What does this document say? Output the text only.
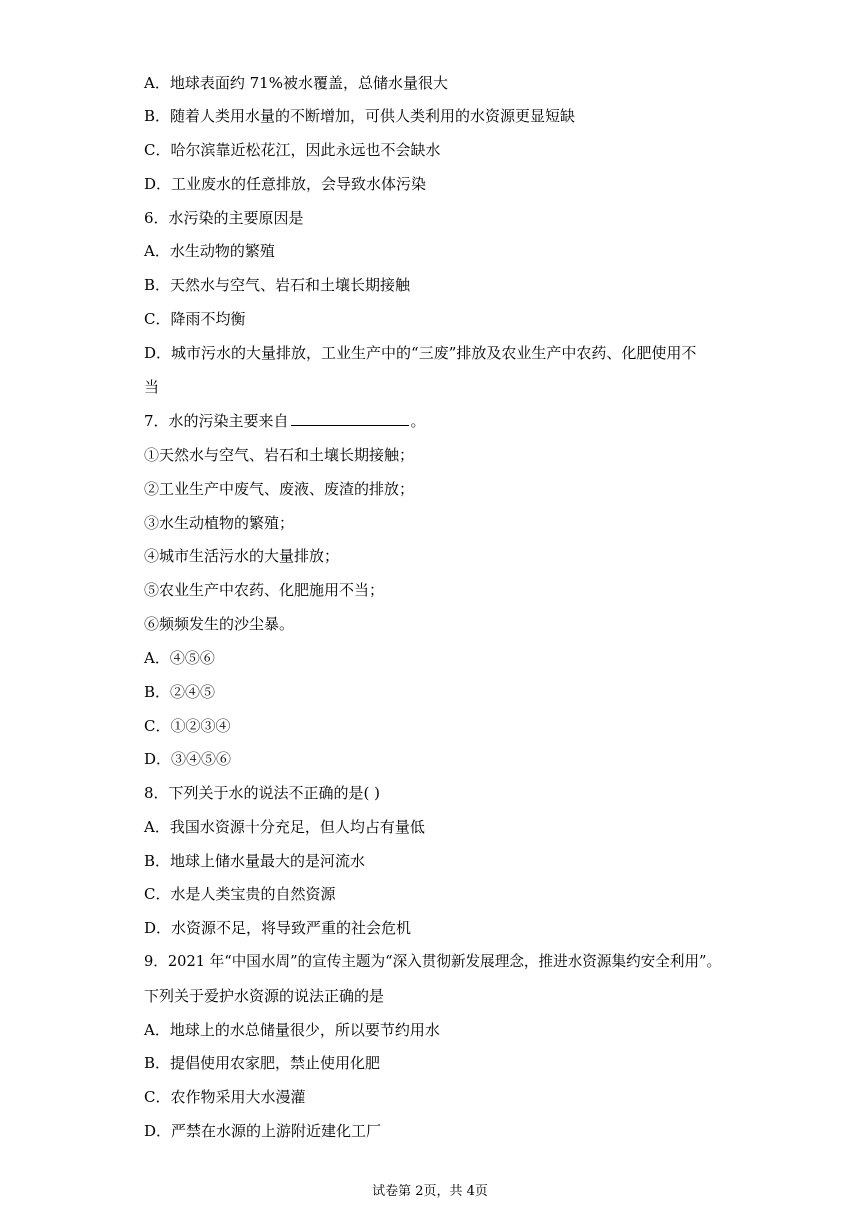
A．地球表面约 71%被水覆盖，总储水量很大
B．随着人类用水量的不断增加，可供人类利用的水资源更显短缺
C．哈尔滨靠近松花江，因此永远也不会缺水
D．工业废水的任意排放，会导致水体污染
6．水污染的主要原因是
A．水生动物的繁殖
B．天然水与空气、岩石和土壤长期接触
C．降雨不均衡
D．城市污水的大量排放，工业生产中的“三废”排放及农业生产中农药、化肥使用不
当
7．水的污染主要来自	。
①天然水与空气、岩石和土壤长期接触；
②工业生产中废气、废液、废渣的排放；
③水生动植物的繁殖；
④城市生活污水的大量排放；
⑤农业生产中农药、化肥施用不当；
⑥频频发生的沙尘暴。
A．④⑤⑥
B．②④⑤
C．①②③④
D．③④⑤⑥
8．下列关于水的说法不正确的是( )
A．我国水资源十分充足，但人均占有量低
B．地球上储水量最大的是河流水
C．水是人类宝贵的自然资源
D．水资源不足，将导致严重的社会危机
9．2021 年“中国水周”的宣传主题为“深入贯彻新发展理念，推进水资源集约安全利用”。
下列关于爱护水资源的说法正确的是
A．地球上的水总储量很少，所以要节约用水
B．提倡使用农家肥，禁止使用化肥
C．农作物采用大水漫灌
D．严禁在水源的上游附近建化工厂
试卷第 2页，共 4页
